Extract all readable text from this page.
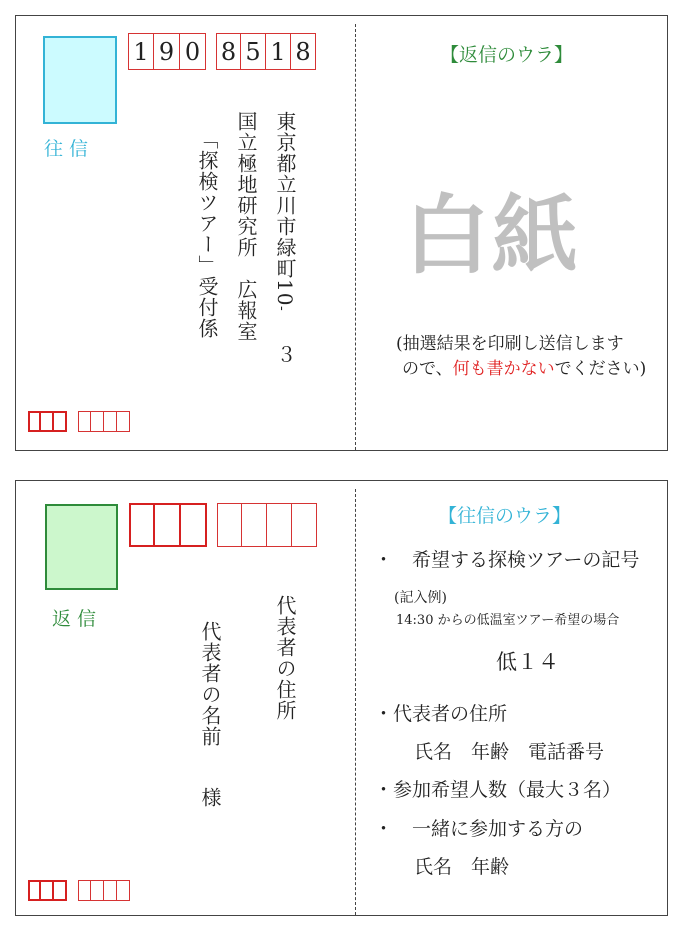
1 9 0 8 5 1 8
往信	東京都立川市緑町10
‐
３
国立極地研究所　広報室
「探検ツアー」受付係
【返信のウラ】
白紙
(抽選結果を印刷し送信します
ので、何も書かないでください)
返信	代表者の住所
代表者の名前
様
【往信のウラ】
・　希望する探検ツアーの記号
(記入例)
14:30 からの低温室ツアー希望の場合
低１４
・代表者の住所
氏名　年齢　電話番号
・参加希望人数（最大３名）
・　一緒に参加する方の
氏名　年齢
